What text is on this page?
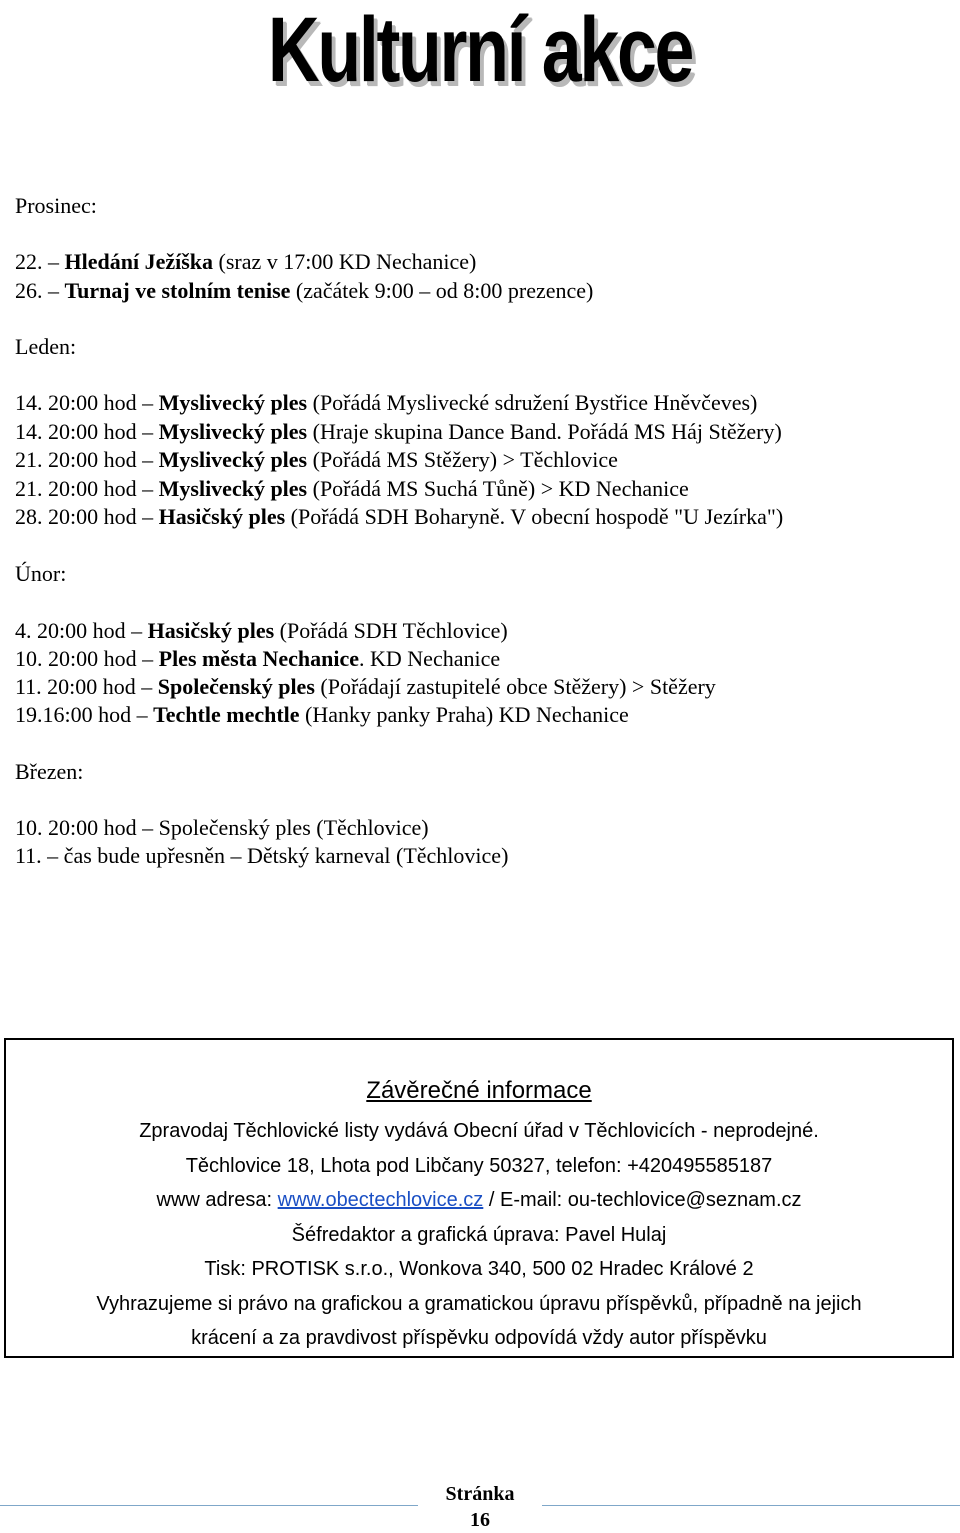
Kulturní akce
Prosinec:
22. – Hledání Ježíška (sraz v 17:00 KD Nechanice)
26. – Turnaj ve stolním tenise (začátek 9:00 – od 8:00 prezence)
Leden:
14. 20:00 hod – Myslivecký ples (Pořádá Myslivecké sdružení Bystřice Hněvčeves)
14. 20:00 hod – Myslivecký ples (Hraje skupina Dance Band. Pořádá MS Háj Stěžery)
21. 20:00 hod – Myslivecký ples (Pořádá MS Stěžery) > Těchlovice
21. 20:00 hod – Myslivecký ples (Pořádá MS Suchá Tůně) > KD Nechanice
28. 20:00 hod – Hasičský ples (Pořádá SDH Boharyně. V obecní hospodě "U Jezírka")
Únor:
4. 20:00 hod – Hasičský ples (Pořádá SDH Těchlovice)
10. 20:00 hod – Ples města Nechanice. KD Nechanice
11. 20:00 hod – Společenský ples (Pořádají zastupitelé obce Stěžery) > Stěžery
19.16:00 hod – Techtle mechtle (Hanky panky Praha) KD Nechanice
Březen:
10. 20:00 hod – Společenský ples (Těchlovice)
11. – čas bude upřesněn – Dětský karneval (Těchlovice)
Závěrečné informace
Zpravodaj Těchlovické listy vydává Obecní úřad v Těchlovicích - neprodejné.
Těchlovice 18, Lhota pod Libčany 50327, telefon: +420495585187
www adresa: www.obectechlovice.cz / E-mail: ou-techlovice@seznam.cz
Šéfredaktor a grafická úprava: Pavel Hulaj
Tisk: PROTISK s.r.o., Wonkova 340, 500 02 Hradec Králové 2
Vyhrazujeme si právo na grafickou a gramatickou úpravu příspěvků, případně na jejich
krácení a za pravdivost příspěvku odpovídá vždy autor příspěvku
Stránka
16
